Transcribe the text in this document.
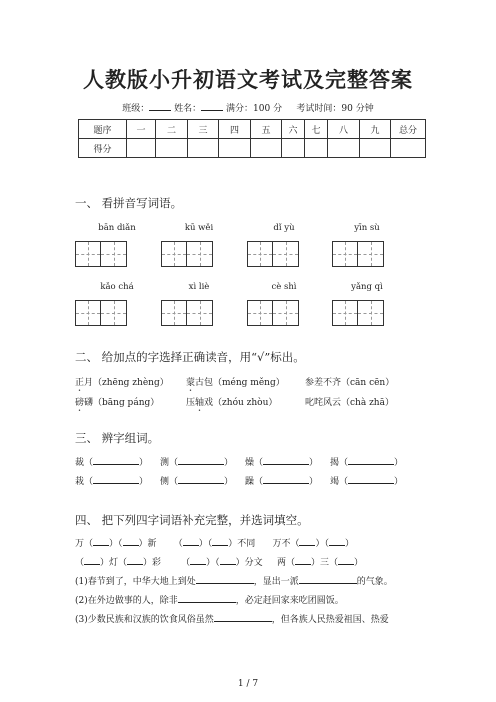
人教版小升初语文考试及完整答案
班级：	姓名：	满分：100 分 考试时间：90 分钟
题序	一	二	三	四	五	六	七	八	九	总分
得分										
一、 看拼音写词语。
bān diǎn	kū wěi	dǐ yù	yīn sù
kǎo chá	xì liè	cè shì	yǎng qì
二、 给加点的字选择正确读音，用“√”标出。
正月（zhēng zhèng） 蒙古包（méng měng） 参差不齐（cān cēn）
磅礴（bāng páng）	压轴戏（zhóu zhòu）	叱咤风云（chà zhā）
三、 辨字组词。
裁（	） 测（	） 燥（	） 揭（	）
栽（	） 侧（	） 躁（	） 竭（	）
四、 把下列四字词语补充完整，并选词填空。
万（ ）（ ）新 （ ）（ ）不同 万不（ ）（ ）
（ ）灯（ ）彩 （ ）（ ）分文 两（ ）三（ ）
(1)春节到了，中华大地上到处	，显出一派	的气象。
(2)在外边做事的人，除非	，必定赶回家来吃团圆饭。
(3)少数民族和汉族的饮食风俗虽然	，但各族人民热爱祖国、热爱
1 / 7
